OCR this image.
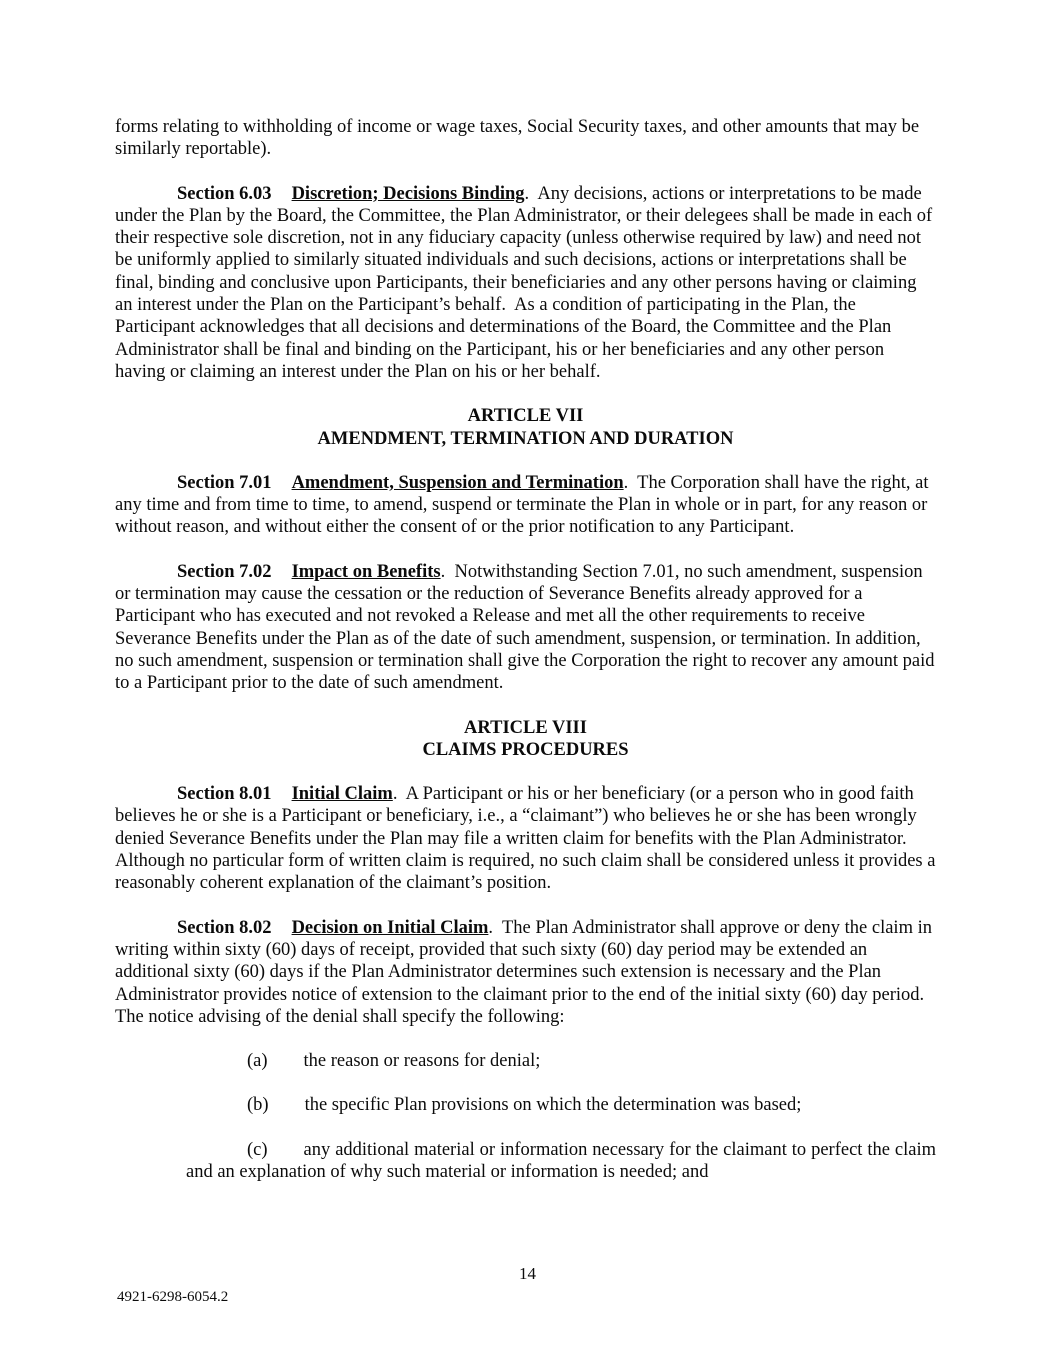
forms relating to withholding of income or wage taxes, Social Security taxes, and other amounts that may be similarly reportable).

Section 6.03 Discretion; Decisions Binding.  Any decisions, actions or interpretations to be made under the Plan by the Board, the Committee, the Plan Administrator, or their delegees shall be made in each of their respective sole discretion, not in any fiduciary capacity (unless otherwise required by law) and need not be uniformly applied to similarly situated individuals and such decisions, actions or interpretations shall be final, binding and conclusive upon Participants, their beneficiaries and any other persons having or claiming an interest under the Plan on the Participant’s behalf.  As a condition of participating in the Plan, the Participant acknowledges that all decisions and determinations of the Board, the Committee and the Plan Administrator shall be final and binding on the Participant, his or her beneficiaries and any other person having or claiming an interest under the Plan on his or her behalf.

ARTICLE VII
AMENDMENT, TERMINATION AND DURATION

Section 7.01 Amendment, Suspension and Termination.  The Corporation shall have the right, at any time and from time to time, to amend, suspend or terminate the Plan in whole or in part, for any reason or without reason, and without either the consent of or the prior notification to any Participant.

Section 7.02 Impact on Benefits.  Notwithstanding Section 7.01, no such amendment, suspension or termination may cause the cessation or the reduction of Severance Benefits already approved for a Participant who has executed and not revoked a Release and met all the other requirements to receive Severance Benefits under the Plan as of the date of such amendment, suspension, or termination. In addition, no such amendment, suspension or termination shall give the Corporation the right to recover any amount paid to a Participant prior to the date of such amendment.

ARTICLE VIII
CLAIMS PROCEDURES

Section 8.01 Initial Claim.  A Participant or his or her beneficiary (or a person who in good faith believes he or she is a Participant or beneficiary, i.e., a “claimant”) who believes he or she has been wrongly denied Severance Benefits under the Plan may file a written claim for benefits with the Plan Administrator. Although no particular form of written claim is required, no such claim shall be considered unless it provides a reasonably coherent explanation of the claimant’s position.

Section 8.02 Decision on Initial Claim.  The Plan Administrator shall approve or deny the claim in writing within sixty (60) days of receipt, provided that such sixty (60) day period may be extended an additional sixty (60) days if the Plan Administrator determines such extension is necessary and the Plan Administrator provides notice of extension to the claimant prior to the end of the initial sixty (60) day period.  The notice advising of the denial shall specify the following:

(a) the reason or reasons for denial;

(b) the specific Plan provisions on which the determination was based;

(c) any additional material or information necessary for the claimant to perfect the claim and an explanation of why such material or information is needed; and

14
4921-6298-6054.2
